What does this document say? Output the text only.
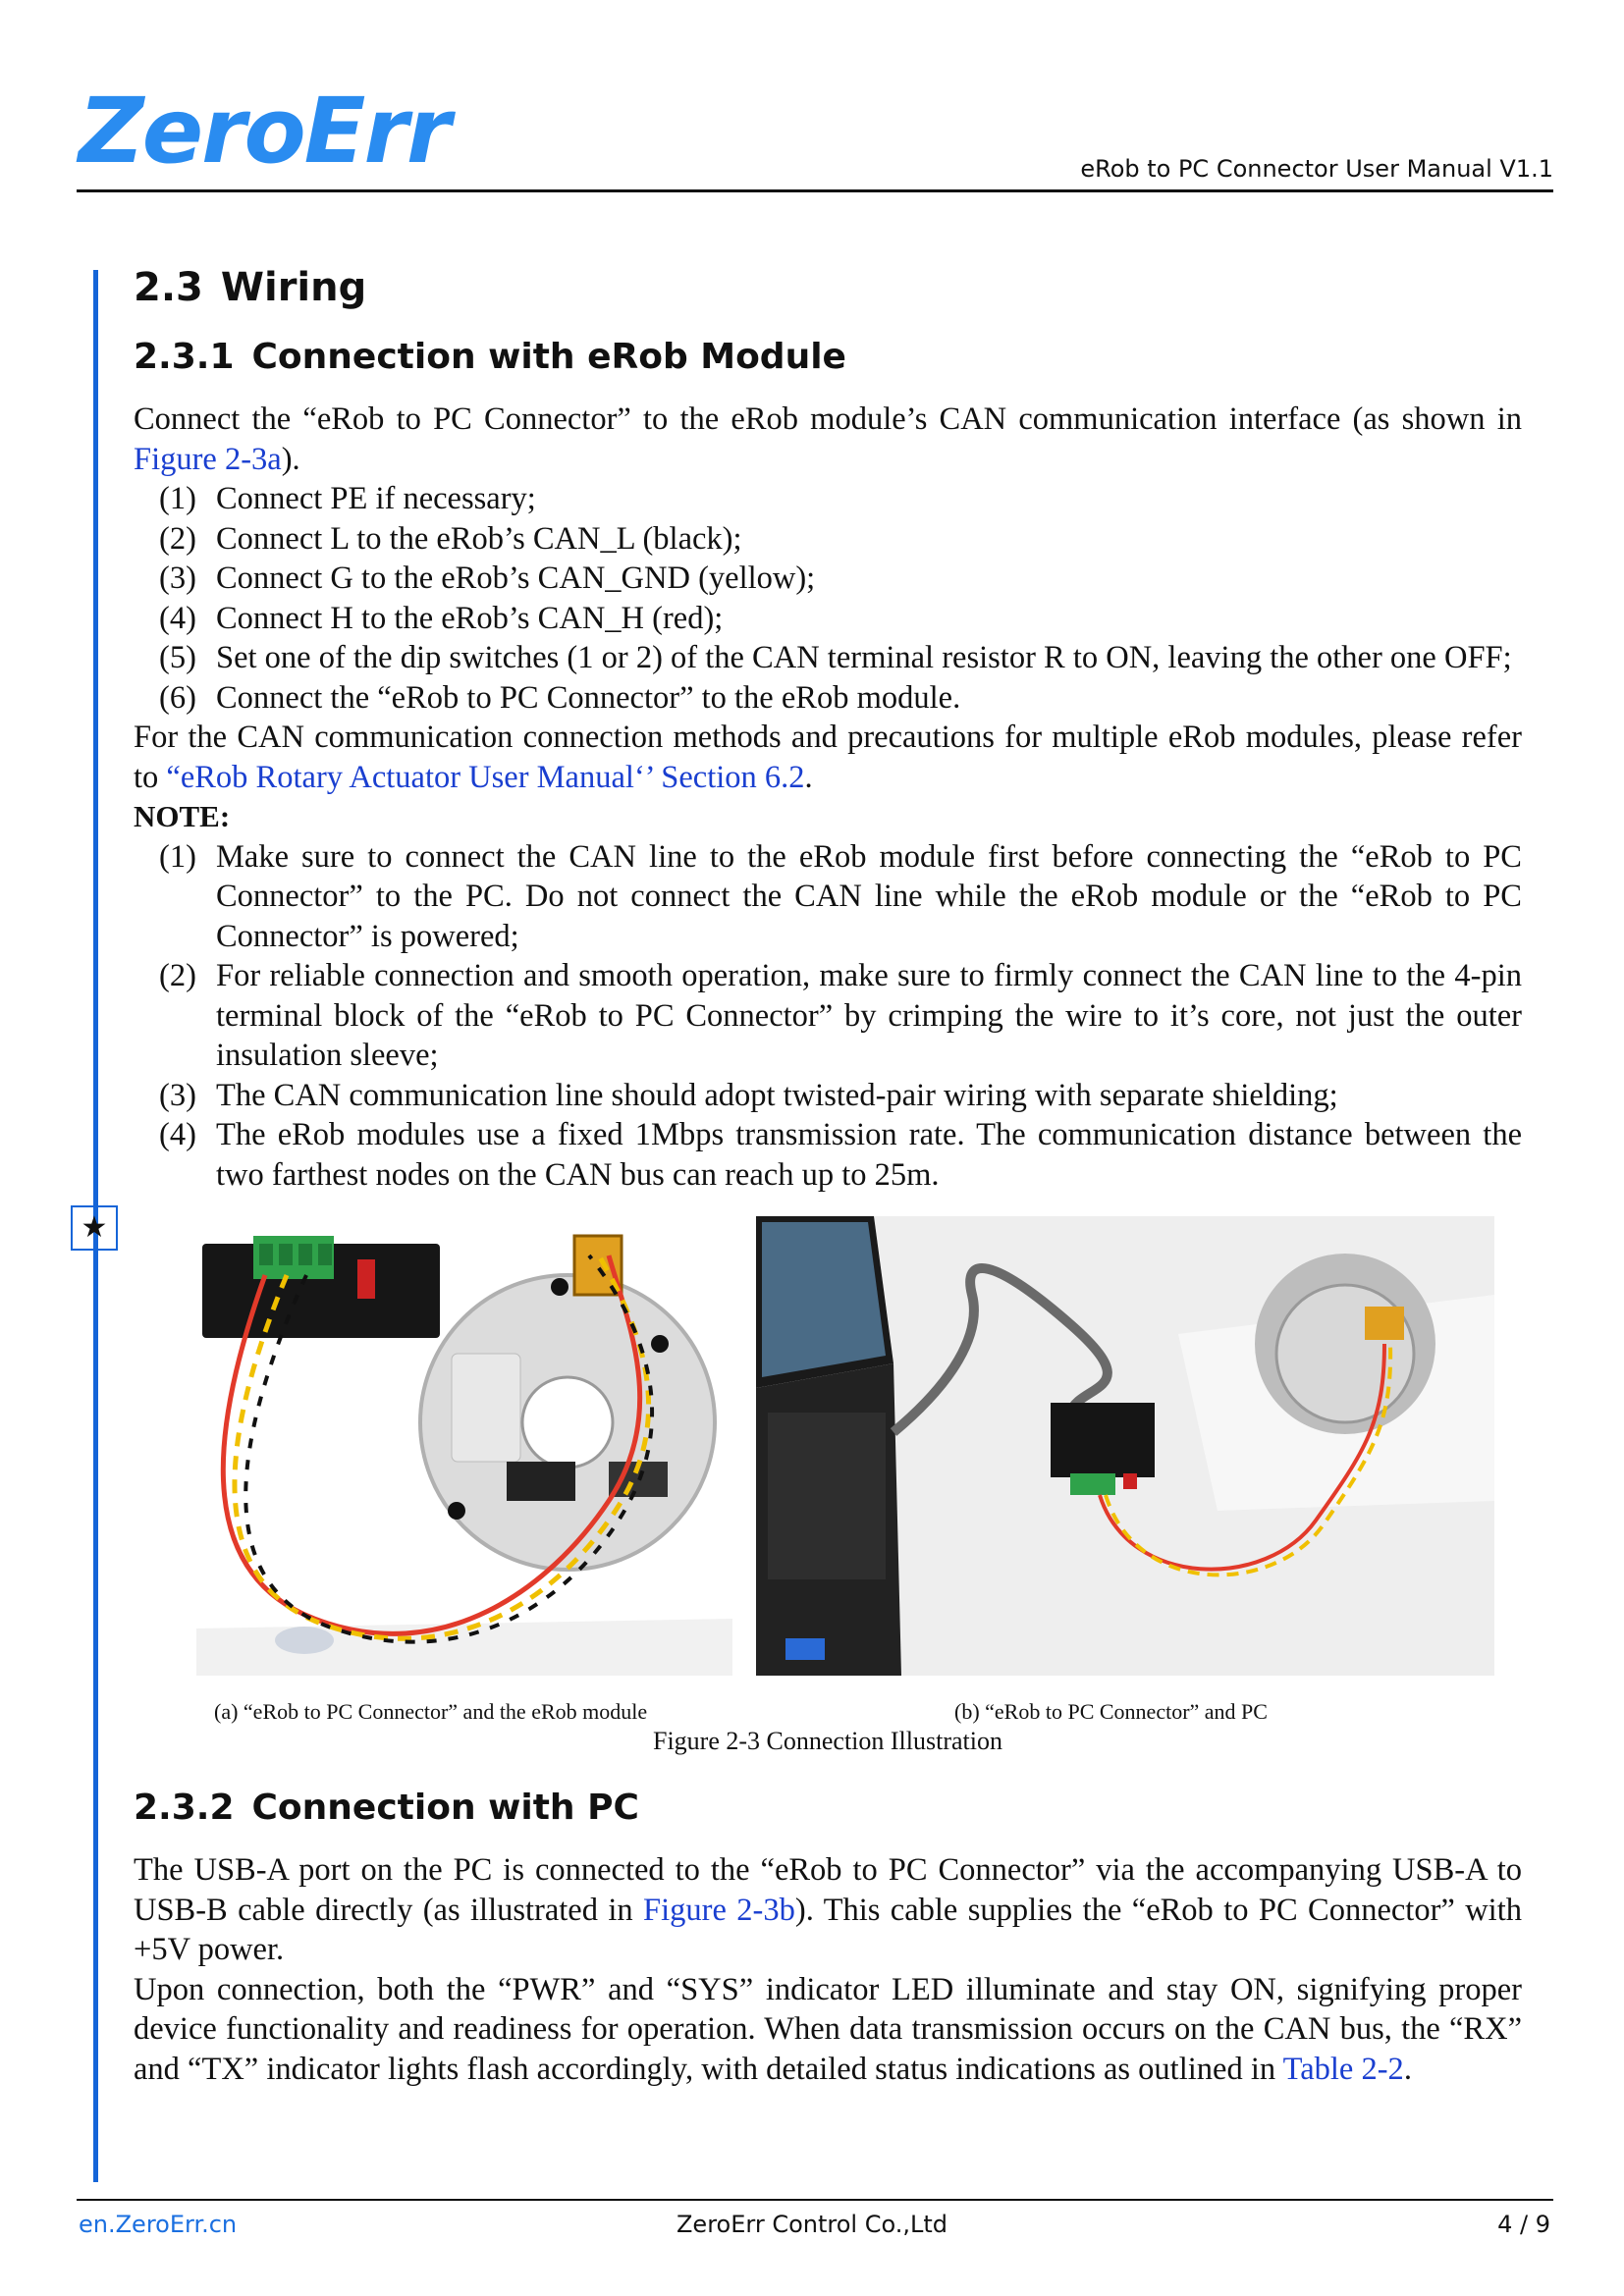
ZeroErr	eRob to PC Connector User Manual V1.1
★
2.3 Wiring
2.3.1 Connection with eRob Module

Connect the “eRob to PC Connector” to the eRob module’s CAN communication interface (as shown in Figure 2-3a).

(1) Connect PE if necessary;
(2) Connect L to the eRob’s CAN_L (black);
(3) Connect G to the eRob’s CAN_GND (yellow);
(4) Connect H to the eRob’s CAN_H (red);
(5) Set one of the dip switches (1 or 2) of the CAN terminal resistor R to ON, leaving the other one OFF;
(6) Connect the “eRob to PC Connector” to the eRob module.

For the CAN communication connection methods and precautions for multiple eRob modules, please refer to “eRob Rotary Actuator User Manual‘’ Section 6.2.

NOTE:

(1) Make sure to connect the CAN line to the eRob module first before connecting the “eRob to PC Connector” to the PC. Do not connect the CAN line while the eRob module or the “eRob to PC Connector” is powered;
(2) For reliable connection and smooth operation, make sure to firmly connect the CAN line to the 4-pin terminal block of the “eRob to PC Connector” by crimping the wire to it’s core, not just the outer insulation sleeve;
(3) The CAN communication line should adopt twisted-pair wiring with separate shielding;
(4) The eRob modules use a fixed 1Mbps transmission rate. The communication distance between the two farthest nodes on the CAN bus can reach up to 25m.
(a) “eRob to PC Connector” and the eRob module	(b) “eRob to PC Connector” and PC
Figure 2-3 Connection Illustration
2.3.2 Connection with PC

The USB-A port on the PC is connected to the “eRob to PC Connector” via the accompanying USB-A to USB-B cable directly (as illustrated in Figure 2-3b). This cable supplies the “eRob to PC Connector” with +5V power.

Upon connection, both the “PWR” and “SYS” indicator LED illuminate and stay ON, signifying proper device functionality and readiness for operation. When data transmission occurs on the CAN bus, the “RX” and “TX” indicator lights flash accordingly, with detailed status indications as outlined in Table 2-2.

en.ZeroErr.cn	ZeroErr Control Co.,Ltd	4 / 9
